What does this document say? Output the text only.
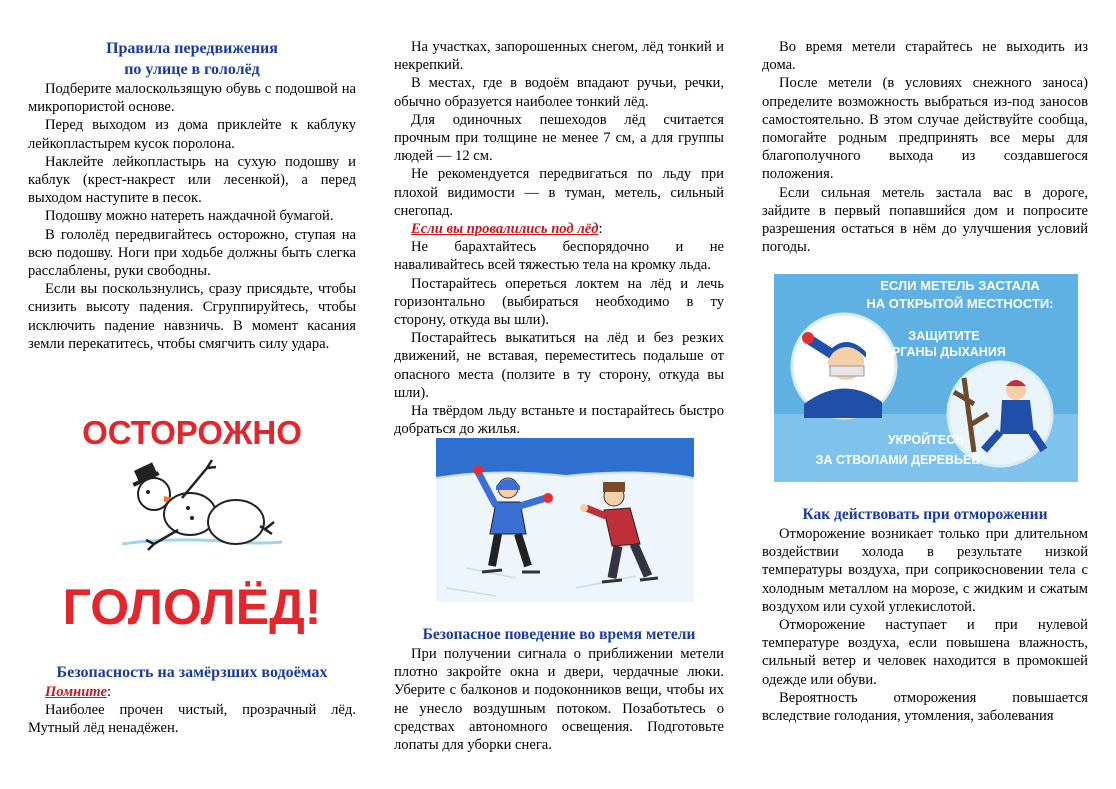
Правила передвижения
по улице в гололёд

Подберите малоскользящую обувь с подошвой на микропористой основе.

Перед выходом из дома приклейте к каблуку лейкопластырем кусок поролона.

Наклейте лейкопластырь на сухую подошву и каблук (крест-накрест или лесенкой), а перед выходом наступите в песок.

Подошву можно натереть наждачной бумагой.

В гололёд передвигайтесь осторожно, ступая на всю подошву. Ноги при ходьбе должны быть слегка расслаблены, руки свободны.

Если вы поскользнулись, сразу присядьте, чтобы снизить высоту падения. Сгруппируйтесь, чтобы исключить падение навзничь. В момент касания земли перекатитесь, чтобы смягчить силу удара.

ОСТОРОЖНО
ГОЛОЛЁД!
Безопасность на замёрзших водоёмах

Помните:

Наиболее прочен чистый, прозрачный лёд. Мутный лёд ненадёжен.

На участках, запорошенных снегом, лёд тонкий и некрепкий.

В местах, где в водоём впадают ручьи, речки, обычно образуется наиболее тонкий лёд.

Для одиночных пешеходов лёд считается прочным при толщине не менее 7 см, а для группы людей — 12 см.

Не рекомендуется передвигаться по льду при плохой видимости — в туман, метель, сильный снегопад.

Если вы провалились под лёд:

Не барахтайтесь беспорядочно и не наваливайтесь всей тяжестью тела на кромку льда.

Постарайтесь опереться локтем на лёд и лечь горизонтально (выбираться необходимо в ту сторону, откуда вы шли).

Постарайтесь выкатиться на лёд и без резких движений, не вставая, переместитесь подальше от опасного места (ползите в ту сторону, откуда вы шли).

На твёрдом льду встаньте и постарайтесь быстро добраться до жилья.

Безопасное поведение во время метели

При получении сигнала о приближении метели плотно закройте окна и двери, чердачные люки. Уберите с балконов и подоконников вещи, чтобы их не унесло воздушным потоком. Позаботьтесь о средствах автономного освещения. Подготовьте лопаты для уборки снега.

Во время метели старайтесь не выходить из дома.

После метели (в условиях снежного заноса) определите возможность выбраться из-под заносов самостоятельно. В этом случае действуйте сообща, помогайте родным предпринять все меры для благополучного выхода из создавшегося положения.

Если сильная метель застала вас в дороге, зайдите в первый попавшийся дом и попросите разрешения остаться в нём до улучшения условий погоды.

ЕСЛИ МЕТЕЛЬ ЗАСТАЛА
НА ОТКРЫТОЙ МЕСТНОСТИ:
ЗАЩИТИТЕ
ОРГАНЫ ДЫХАНИЯ
УКРОЙТЕСЬ
ЗА СТВОЛАМИ ДЕРЕВЬЕВ
Как действовать при отморожении

Отморожение возникает только при длительном воздействии холода в результате низкой температуры воздуха, при соприкосновении тела с холодным металлом на морозе, с жидким и сжатым воздухом или сухой углекислотой.

Отморожение наступает и при нулевой температуре воздуха, если повышена влажность, сильный ветер и человек находится в промокшей одежде или обуви.

Вероятность отморожения повышается вследствие голодания, утомления, заболевания
